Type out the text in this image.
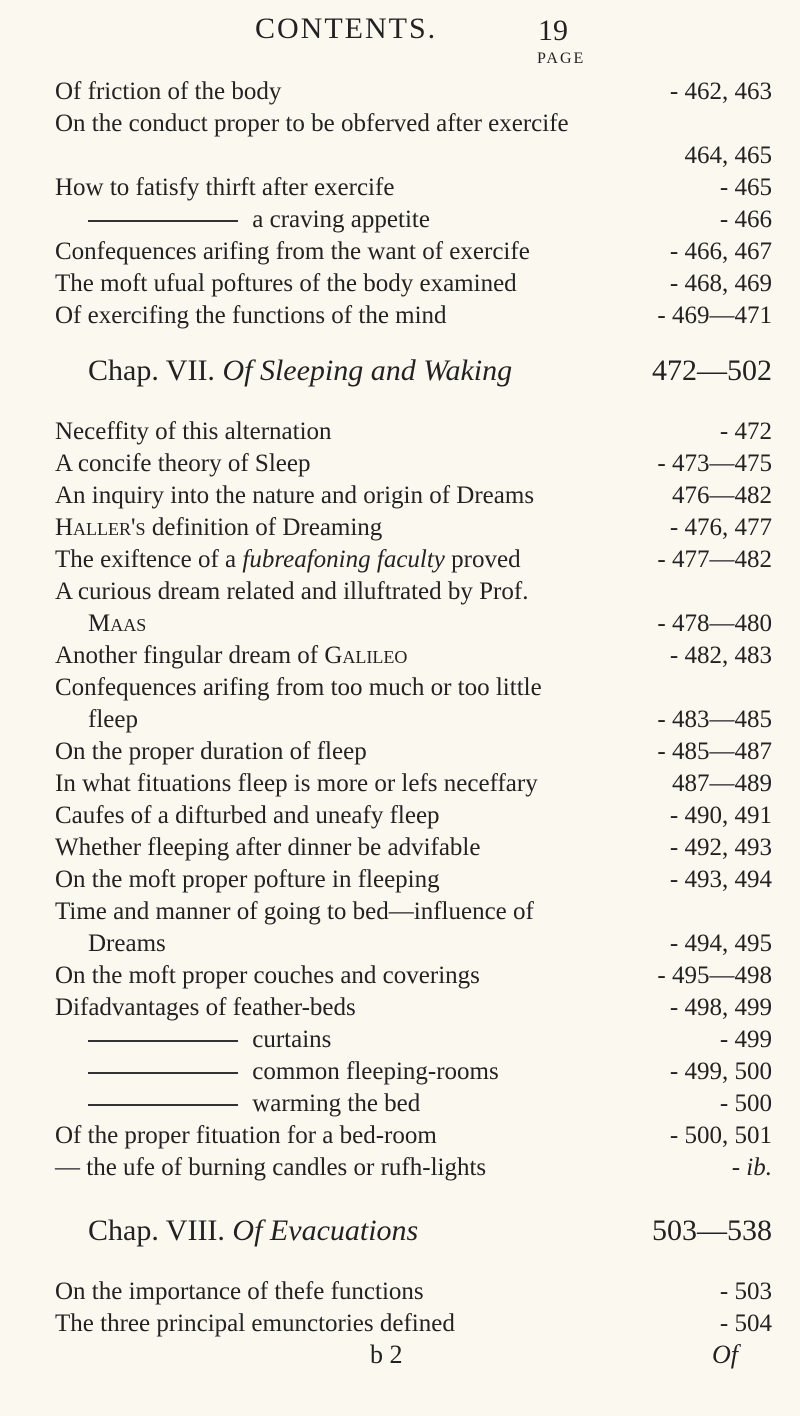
CONTENTS.	19
PAGE
Of friction of the body	- 462, 463
On the conduct proper to be obferved after exercife
464, 465
How to fatisfy thirft after exercife	- 465
a craving appetite	- 466
Confequences arifing from the want of exercife	- 466, 467
The moft ufual poftures of the body examined	- 468, 469
Of exercifing the functions of the mind	- 469—471
Chap. VII. Of Sleeping and Waking	472—502
Neceffity of this alternation	- 472
A concife theory of Sleep	- 473—475
An inquiry into the nature and origin of Dreams	476—482
Haller's definition of Dreaming	- 476, 477
The exiftence of a fubreafoning faculty proved	- 477—482
A curious dream related and illuftrated by Prof.
Maas	- 478—480
Another fingular dream of Galileo	- 482, 483
Confequences arifing from too much or too little
fleep	- 483—485
On the proper duration of fleep	- 485—487
In what fituations fleep is more or lefs neceffary	487—489
Caufes of a difturbed and uneafy fleep	- 490, 491
Whether fleeping after dinner be advifable	- 492, 493
On the moft proper pofture in fleeping	- 493, 494
Time and manner of going to bed—influence of
Dreams	- 494, 495
On the moft proper couches and coverings	- 495—498
Difadvantages of feather-beds	- 498, 499
curtains	- 499
common fleeping-rooms	- 499, 500
warming the bed	- 500
Of the proper fituation for a bed-room	- 500, 501
— the ufe of burning candles or rufh-lights	- ib.
Chap. VIII. Of Evacuations	503—538
On the importance of thefe functions	- 503
The three principal emunctories defined	- 504
b 2	Of
